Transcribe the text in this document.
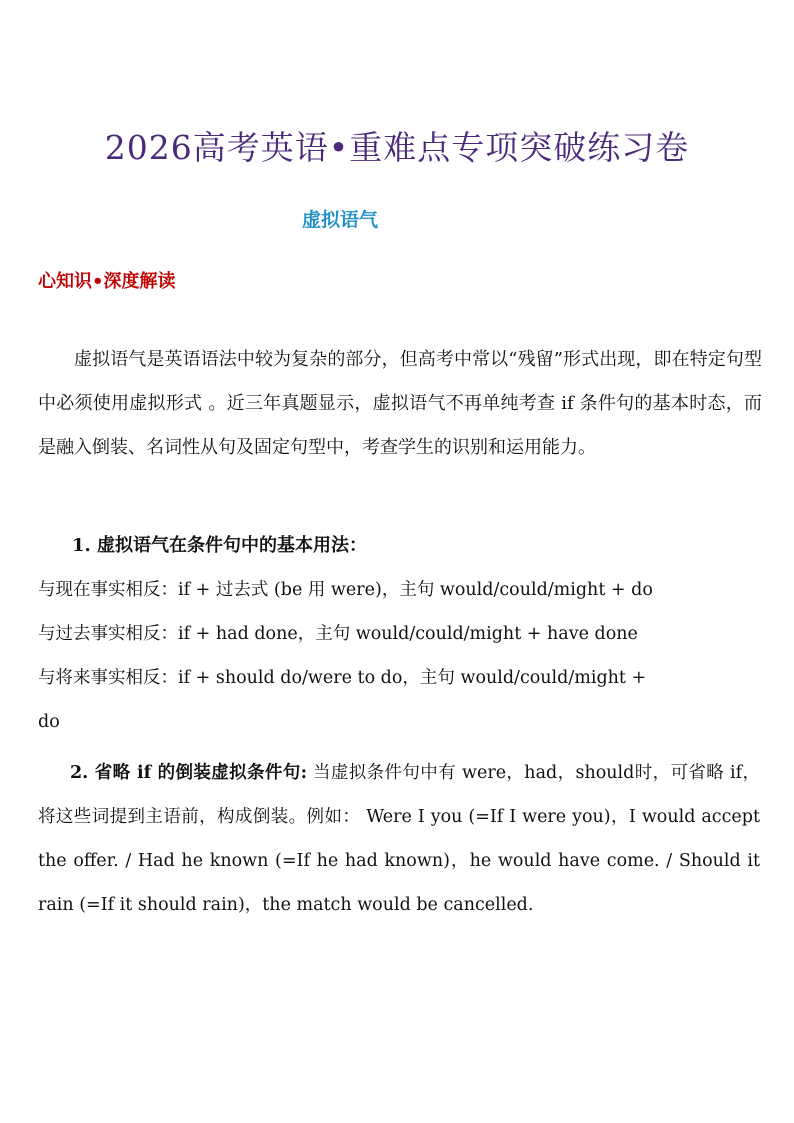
2026高考英语•重难点专项突破练习卷
虚拟语气
心知识•深度解读

虚拟语气是英语语法中较为复杂的部分，但高考中常以“残留”形式出现，即在特定句型中必须使用虚拟形式 。近三年真题显示，虚拟语气不再单纯考查 if 条件句的基本时态，而是融入倒装、名词性从句及固定句型中，考查学生的识别和运用能力。

1. 虚拟语气在条件句中的基本用法：
与现在事实相反：if + 过去式 (be 用 were)，主句 would/could/might + do
与过去事实相反：if + had done，主句 would/could/might + have done
与将来事实相反：if + should do/were to do，主句 would/could/might +
do

2. 省略 if 的倒装虚拟条件句: 当虚拟条件句中有 were，had，should时，可省略 if，将这些词提到主语前，构成倒装。例如： Were I you (=If I were you)，I would accept the offer. / Had he known (=If he had known)，he would have come. / Should it rain (=If it should rain)，the match would be cancelled.
